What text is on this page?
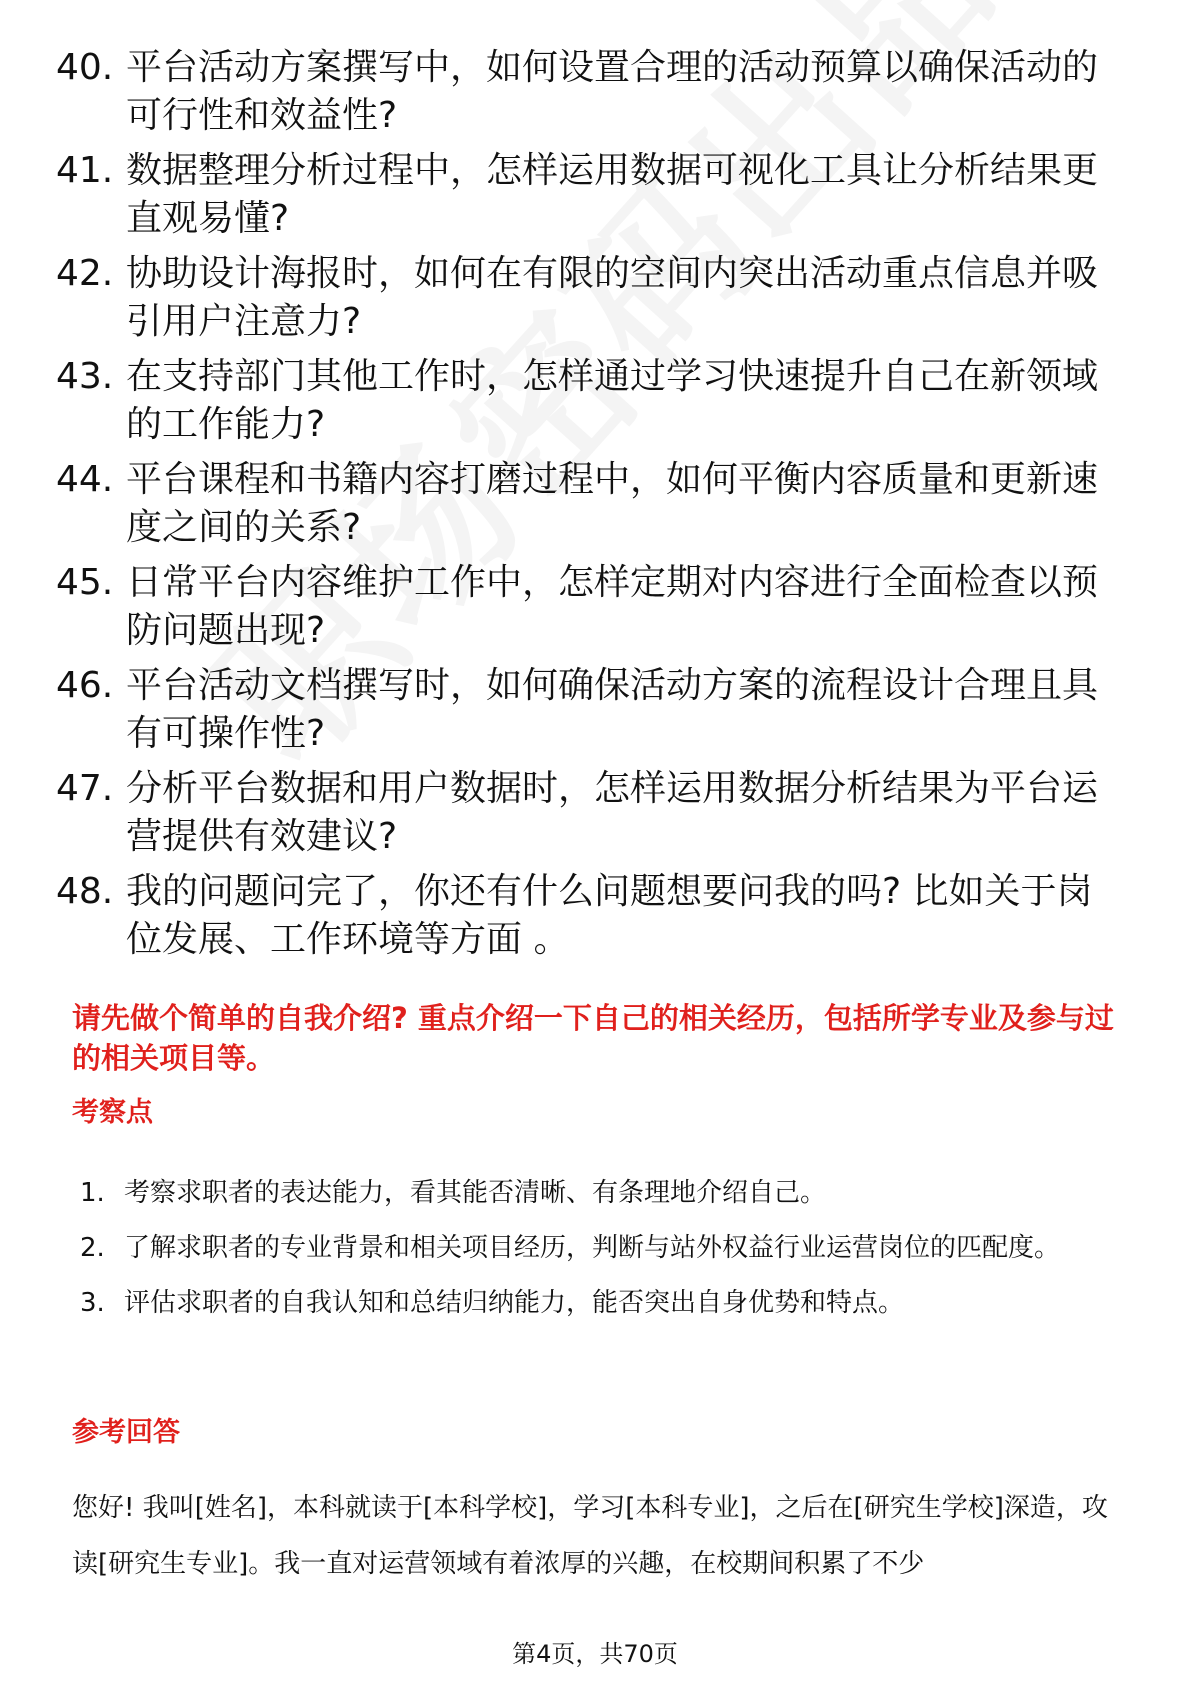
40. 平台活动方案撰写中，如何设置合理的活动预算以确保活动的可行性和效益性?
41. 数据整理分析过程中，怎样运用数据可视化工具让分析结果更直观易懂?
42. 协助设计海报时，如何在有限的空间内突出活动重点信息并吸引用户注意力?
43. 在支持部门其他工作时，怎样通过学习快速提升自己在新领域的工作能力?
44. 平台课程和书籍内容打磨过程中，如何平衡内容质量和更新速度之间的关系?
45. 日常平台内容维护工作中，怎样定期对内容进行全面检查以预防问题出现?
46. 平台活动文档撰写时，如何确保活动方案的流程设计合理且具有可操作性?
47. 分析平台数据和用户数据时，怎样运用数据分析结果为平台运营提供有效建议?
48. 我的问题问完了，你还有什么问题想要问我的吗? 比如关于岗位发展、工作环境等方面 。
请先做个简单的自我介绍? 重点介绍一下自己的相关经历，包括所学专业及参与过的相关项目等。
考察点
1. 考察求职者的表达能力，看其能否清晰、有条理地介绍自己。
2. 了解求职者的专业背景和相关项目经历，判断与站外权益行业运营岗位的匹配度。
3. 评估求职者的自我认知和总结归纳能力，能否突出自身优势和特点。
参考回答
您好! 我叫[姓名]，本科就读于[本科学校]，学习[本科专业]，之后在[研究生学校]深造，攻读[研究生专业]。我一直对运营领域有着浓厚的兴趣，在校期间积累了不少
第4页，共70页
